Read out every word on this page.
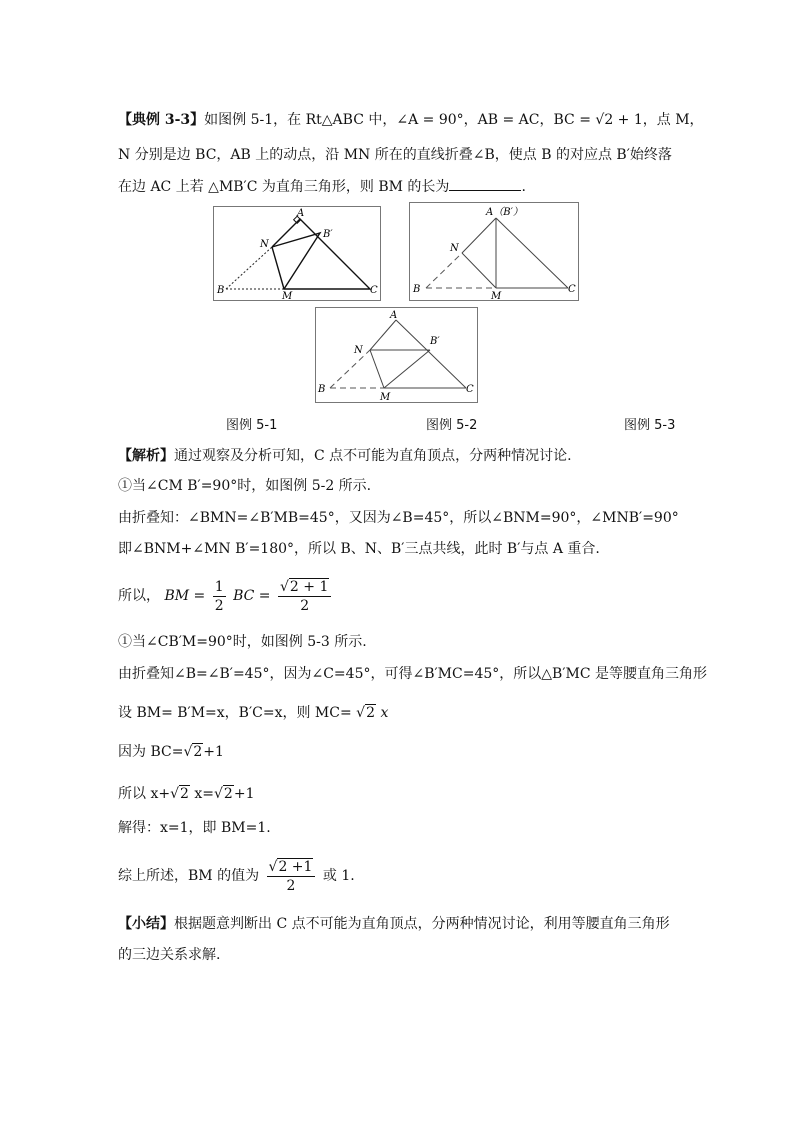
【典例 3-3】如图例 5-1，在 Rt△ABC 中，∠A = 90°，AB = AC，BC = √2 + 1，点 M，
N 分别是边 BC，AB 上的动点，沿 MN 所在的直线折叠∠B，使点 B 的对应点 B′始终落
在边 AC 上若 △MB′C 为直角三角形，则 BM 的长为	.
A
B	C
M
N
B′
A（B′）
B	C
M
N
A
B	C
M
N
B′
图例 5-1	图例 5-2	图例 5-3
【解析】通过观察及分析可知，C 点不可能为直角顶点，分两种情况讨论.
①当∠CM B′=90°时，如图例 5-2 所示.
由折叠知：∠BMN=∠B′MB=45°，又因为∠B=45°，所以∠BNM=90°，∠MNB′=90°
即∠BNM+∠MN B′=180°，所以 B、N、B′三点共线，此时 B′与点 A 重合.
所以， BM = $\frac{1}{2}$ BC = $\frac{√2 + 1}{2}$
①当∠CB′M=90°时，如图例 5-3 所示.
由折叠知∠B=∠B′=45°，因为∠C=45°，可得∠B′MC=45°，所以△B′MC 是等腰直角三角形
设 BM= B′M=x，B′C=x，则 MC= √2 x
因为 BC=√2+1
所以 x+√2 x=√2+1
解得：x=1，即 BM=1.
综上所述，BM 的值为 $\frac{√2 +1}{2}$ 或 1.
【小结】根据题意判断出 C 点不可能为直角顶点，分两种情况讨论，利用等腰直角三角形
的三边关系求解.
